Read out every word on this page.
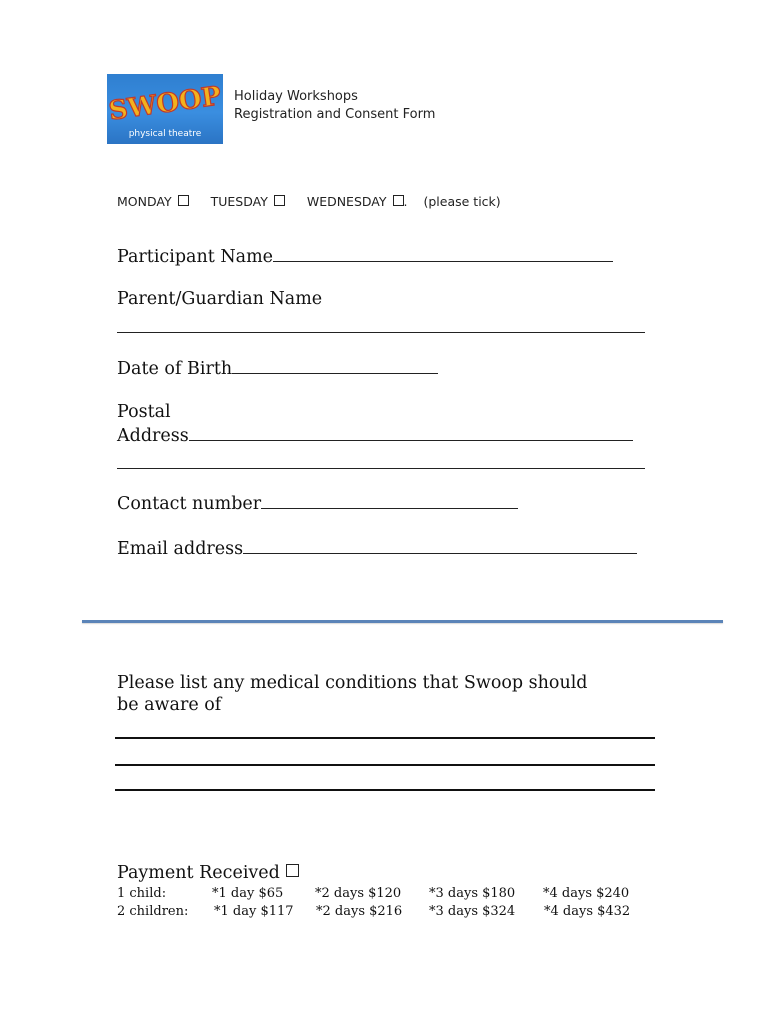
SWOOP
physical theatre
Holiday Workshops
Registration and Consent Form
MONDAY	TUESDAY	WEDNESDAY . (please tick)
Participant Name
Parent/Guardian Name
Date of Birth
Postal
Address
Contact number
Email address
Please list any medical conditions that Swoop should
be aware of
Payment Received
1 child:	*1 day $65 *2 days $120 *3 days $180 *4 days $240
2 children: *1 day $117 *2 days $216 *3 days $324 *4 days $432
